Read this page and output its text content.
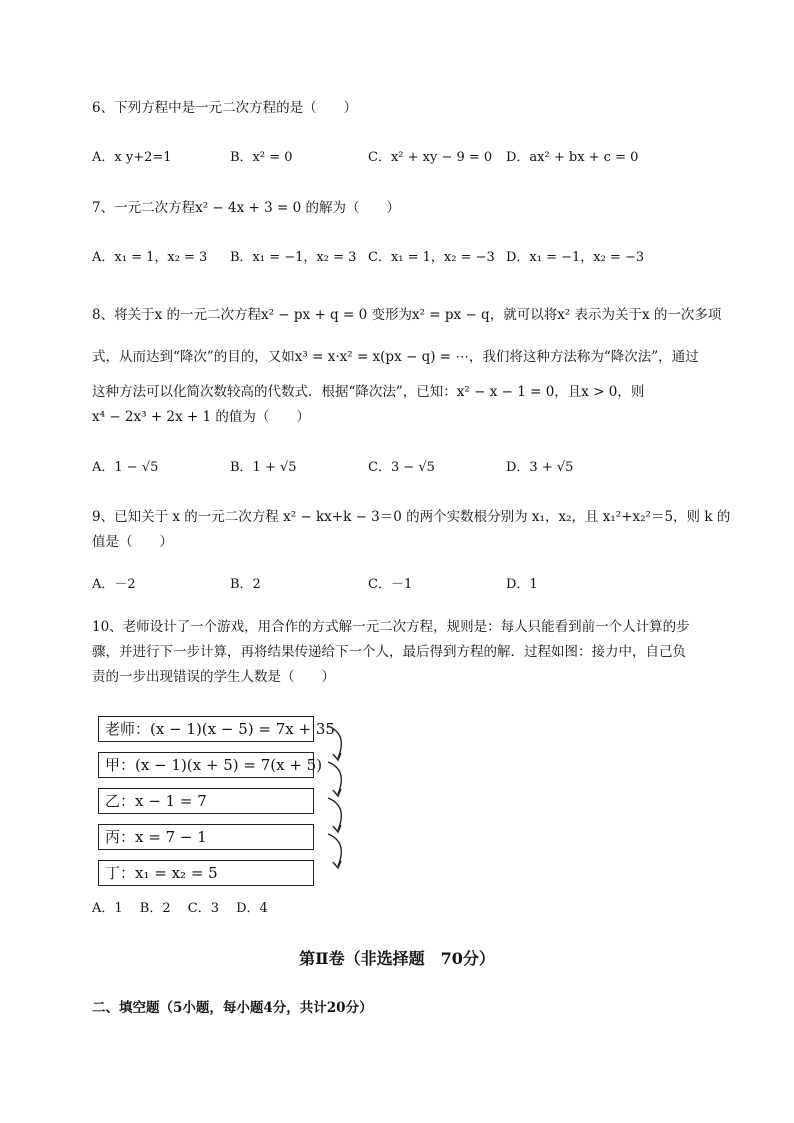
6、下列方程中是一元二次方程的是（　　）
A．x y+2=1	B．x² = 0	C．x² + xy − 9 = 0 D．ax² + bx + c = 0
7、一元二次方程x² − 4x + 3 = 0 的解为（　　）
A．x₁ = 1，x₂ = 3 B．x₁ = −1，x₂ = 3 C．x₁ = 1，x₂ = −3 D．x₁ = −1，x₂ = −3
8、将关于x 的一元二次方程x² − px + q = 0 变形为x² = px − q，就可以将x² 表示为关于x 的一次多项
式，从而达到“降次”的目的，又如x³ = x·x² = x(px − q) = ⋯，我们将这种方法称为“降次法”，通过
这种方法可以化简次数较高的代数式．根据“降次法”，已知：x² − x − 1 = 0，且x > 0，则
x⁴ − 2x³ + 2x + 1 的值为（　　）
A．1 − √5	B．1 + √5	C．3 − √5	D．3 + √5
9、已知关于 x 的一元二次方程 x² − kx+k − 3＝0 的两个实数根分别为 x₁，x₂，且 x₁²+x₂²＝5，则 k 的
值是（　　）
A．－2	B．2	C．－1	D．1
10、老师设计了一个游戏，用合作的方式解一元二次方程，规则是：每人只能看到前一个人计算的步
骤，并进行下一步计算，再将结果传递给下一个人，最后得到方程的解．过程如图：接力中，自己负
责的一步出现错误的学生人数是（　　）
老师：(x − 1)(x − 5) = 7x + 35
甲：(x − 1)(x + 5) = 7(x + 5)
乙：x − 1 = 7
丙：x = 7 − 1
丁：x₁ = x₂ = 5
A．1　 B．2　 C．3　 D．4
第Ⅱ卷（非选择题　70分）
二、填空题（5小题，每小题4分，共计20分）
